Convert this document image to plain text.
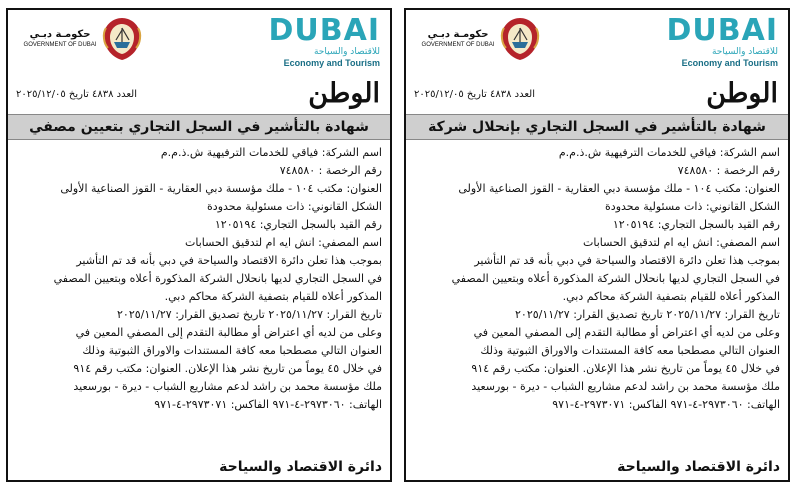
DUBAI
للاقتصاد والسياحة
Economy and Tourism
حكومـة دبـي
GOVERNMENT OF DUBAI
الوطن
العدد ٤٨٣٨ تاريخ ٢٠٢٥/١٢/٠٥
شهادة بالتأشير في السجل التجاري بتعيين مصفي

اسم الشركة: فياقي للخدمات الترفيهية ش.ذ.م.م

رقم الرخصة : ٧٤٨٥٨٠

العنوان: مكتب ١٠٤ - ملك مؤسسة دبي العقارية - القوز الصناعية الأولى

الشكل القانوني: ذات مسئولية محدودة

رقم القيد بالسجل التجاري: ١٢٠٥١٩٤

اسم المصفي: انش ايه ام لتدقيق الحسابات

بموجب هذا تعلن دائرة الاقتصاد والسياحة في دبي بأنه قد تم التأشير

في السجل التجاري لديها بانحلال الشركة المذكورة أعلاه وبتعيين المصفي

المذكور أعلاه للقيام بتصفية الشركة محاكم دبي.

تاريخ القرار: ٢٠٢٥/١١/٢٧ تاريخ تصديق القرار: ٢٠٢٥/١١/٢٧

وعلى من لديه أي اعتراض أو مطالبة التقدم إلى المصفي المعين في

العنوان التالي مصطحبا معه كافة المستندات والاوراق الثبوتية وذلك

في خلال ٤٥ يوماً من تاريخ نشر هذا الإعلان. العنوان: مكتب رقم ٩١٤

ملك مؤسسة محمد بن راشد لدعم مشاريع الشباب - ديرة - بورسعيد

الهاتف: ٢٩٧٣٠٦٠-٤-٩٧١ الفاكس: ٢٩٧٣٠٧١-٤-٩٧١

دائرة الاقتصاد والسياحة
DUBAI
للاقتصاد والسياحة
Economy and Tourism
حكومـة دبـي
GOVERNMENT OF DUBAI
الوطن
العدد ٤٨٣٨ تاريخ ٢٠٢٥/١٢/٠٥
شهادة بالتأشير في السجل التجاري بإنحلال شركة

اسم الشركة: فياقي للخدمات الترفيهية ش.ذ.م.م

رقم الرخصة : ٧٤٨٥٨٠

العنوان: مكتب ١٠٤ - ملك مؤسسة دبي العقارية - القوز الصناعية الأولى

الشكل القانوني: ذات مسئولية محدودة

رقم القيد بالسجل التجاري: ١٢٠٥١٩٤

اسم المصفي: انش ايه ام لتدقيق الحسابات

بموجب هذا تعلن دائرة الاقتصاد والسياحة في دبي بأنه قد تم التأشير

في السجل التجاري لديها بانحلال الشركة المذكورة أعلاه وبتعيين المصفي

المذكور أعلاه للقيام بتصفية الشركة محاكم دبي.

تاريخ القرار: ٢٠٢٥/١١/٢٧ تاريخ تصديق القرار: ٢٠٢٥/١١/٢٧

وعلى من لديه أي اعتراض أو مطالبة التقدم إلى المصفي المعين في

العنوان التالي مصطحبا معه كافة المستندات والاوراق الثبوتية وذلك

في خلال ٤٥ يوماً من تاريخ نشر هذا الإعلان. العنوان: مكتب رقم ٩١٤

ملك مؤسسة محمد بن راشد لدعم مشاريع الشباب - ديرة - بورسعيد

الهاتف: ٢٩٧٣٠٦٠-٤-٩٧١ الفاكس: ٢٩٧٣٠٧١-٤-٩٧١

دائرة الاقتصاد والسياحة
